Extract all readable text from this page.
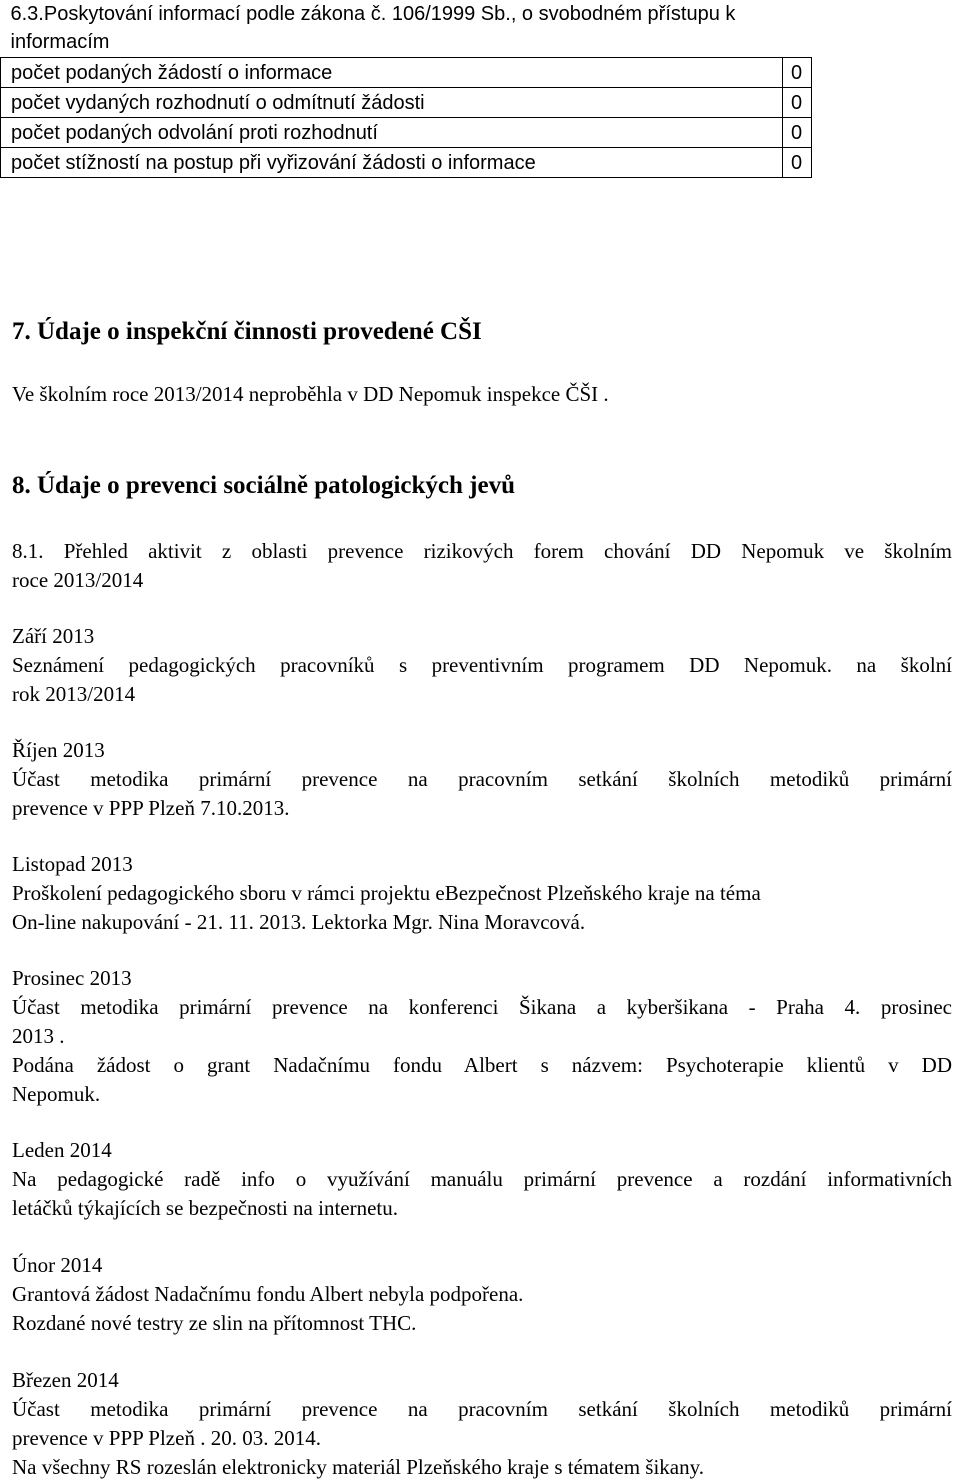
6.3.Poskytování informací podle zákona č. 106/1999 Sb., o svobodném přístupu k informacím	
počet podaných žádostí o informace	0
počet vydaných rozhodnutí o odmítnutí žádosti	0
počet podaných odvolání proti rozhodnutí	0
počet stížností na postup při vyřizování žádosti o informace	0
7. Údaje o inspekční činnosti provedené CŠI
Ve školním roce 2013/2014 neproběhla v DD Nepomuk inspekce ČŠI .
8. Údaje o prevenci sociálně patologických jevů
8.1. Přehled aktivit z oblasti prevence rizikových forem chování DD Nepomuk ve školním
roce 2013/2014
Září 2013
Seznámení pedagogických pracovníků s preventivním programem DD Nepomuk. na školní
rok 2013/2014
Říjen 2013
Účast metodika primární prevence na pracovním setkání školních metodiků primární
prevence v PPP Plzeň 7.10.2013.
Listopad 2013
Proškolení pedagogického sboru v rámci projektu eBezpečnost Plzeňského kraje na téma
On-line nakupování - 21. 11. 2013. Lektorka Mgr. Nina Moravcová.
Prosinec 2013
Účast metodika primární prevence na konferenci Šikana a kyberšikana - Praha 4. prosinec
2013 .
Podána žádost o grant Nadačnímu fondu Albert s názvem: Psychoterapie klientů v DD
Nepomuk.
Leden 2014
Na pedagogické radě info o využívání manuálu primární prevence a rozdání informativních
letáčků týkajících se bezpečnosti na internetu.
Únor 2014
Grantová žádost Nadačnímu fondu Albert nebyla podpořena.
Rozdané nové testry ze slin na přítomnost THC.
Březen 2014
Účast metodika primární prevence na pracovním setkání školních metodiků primární
prevence v PPP Plzeň . 20. 03. 2014.
Na všechny RS rozeslán elektronicky materiál Plzeňského kraje s tématem šikany.
